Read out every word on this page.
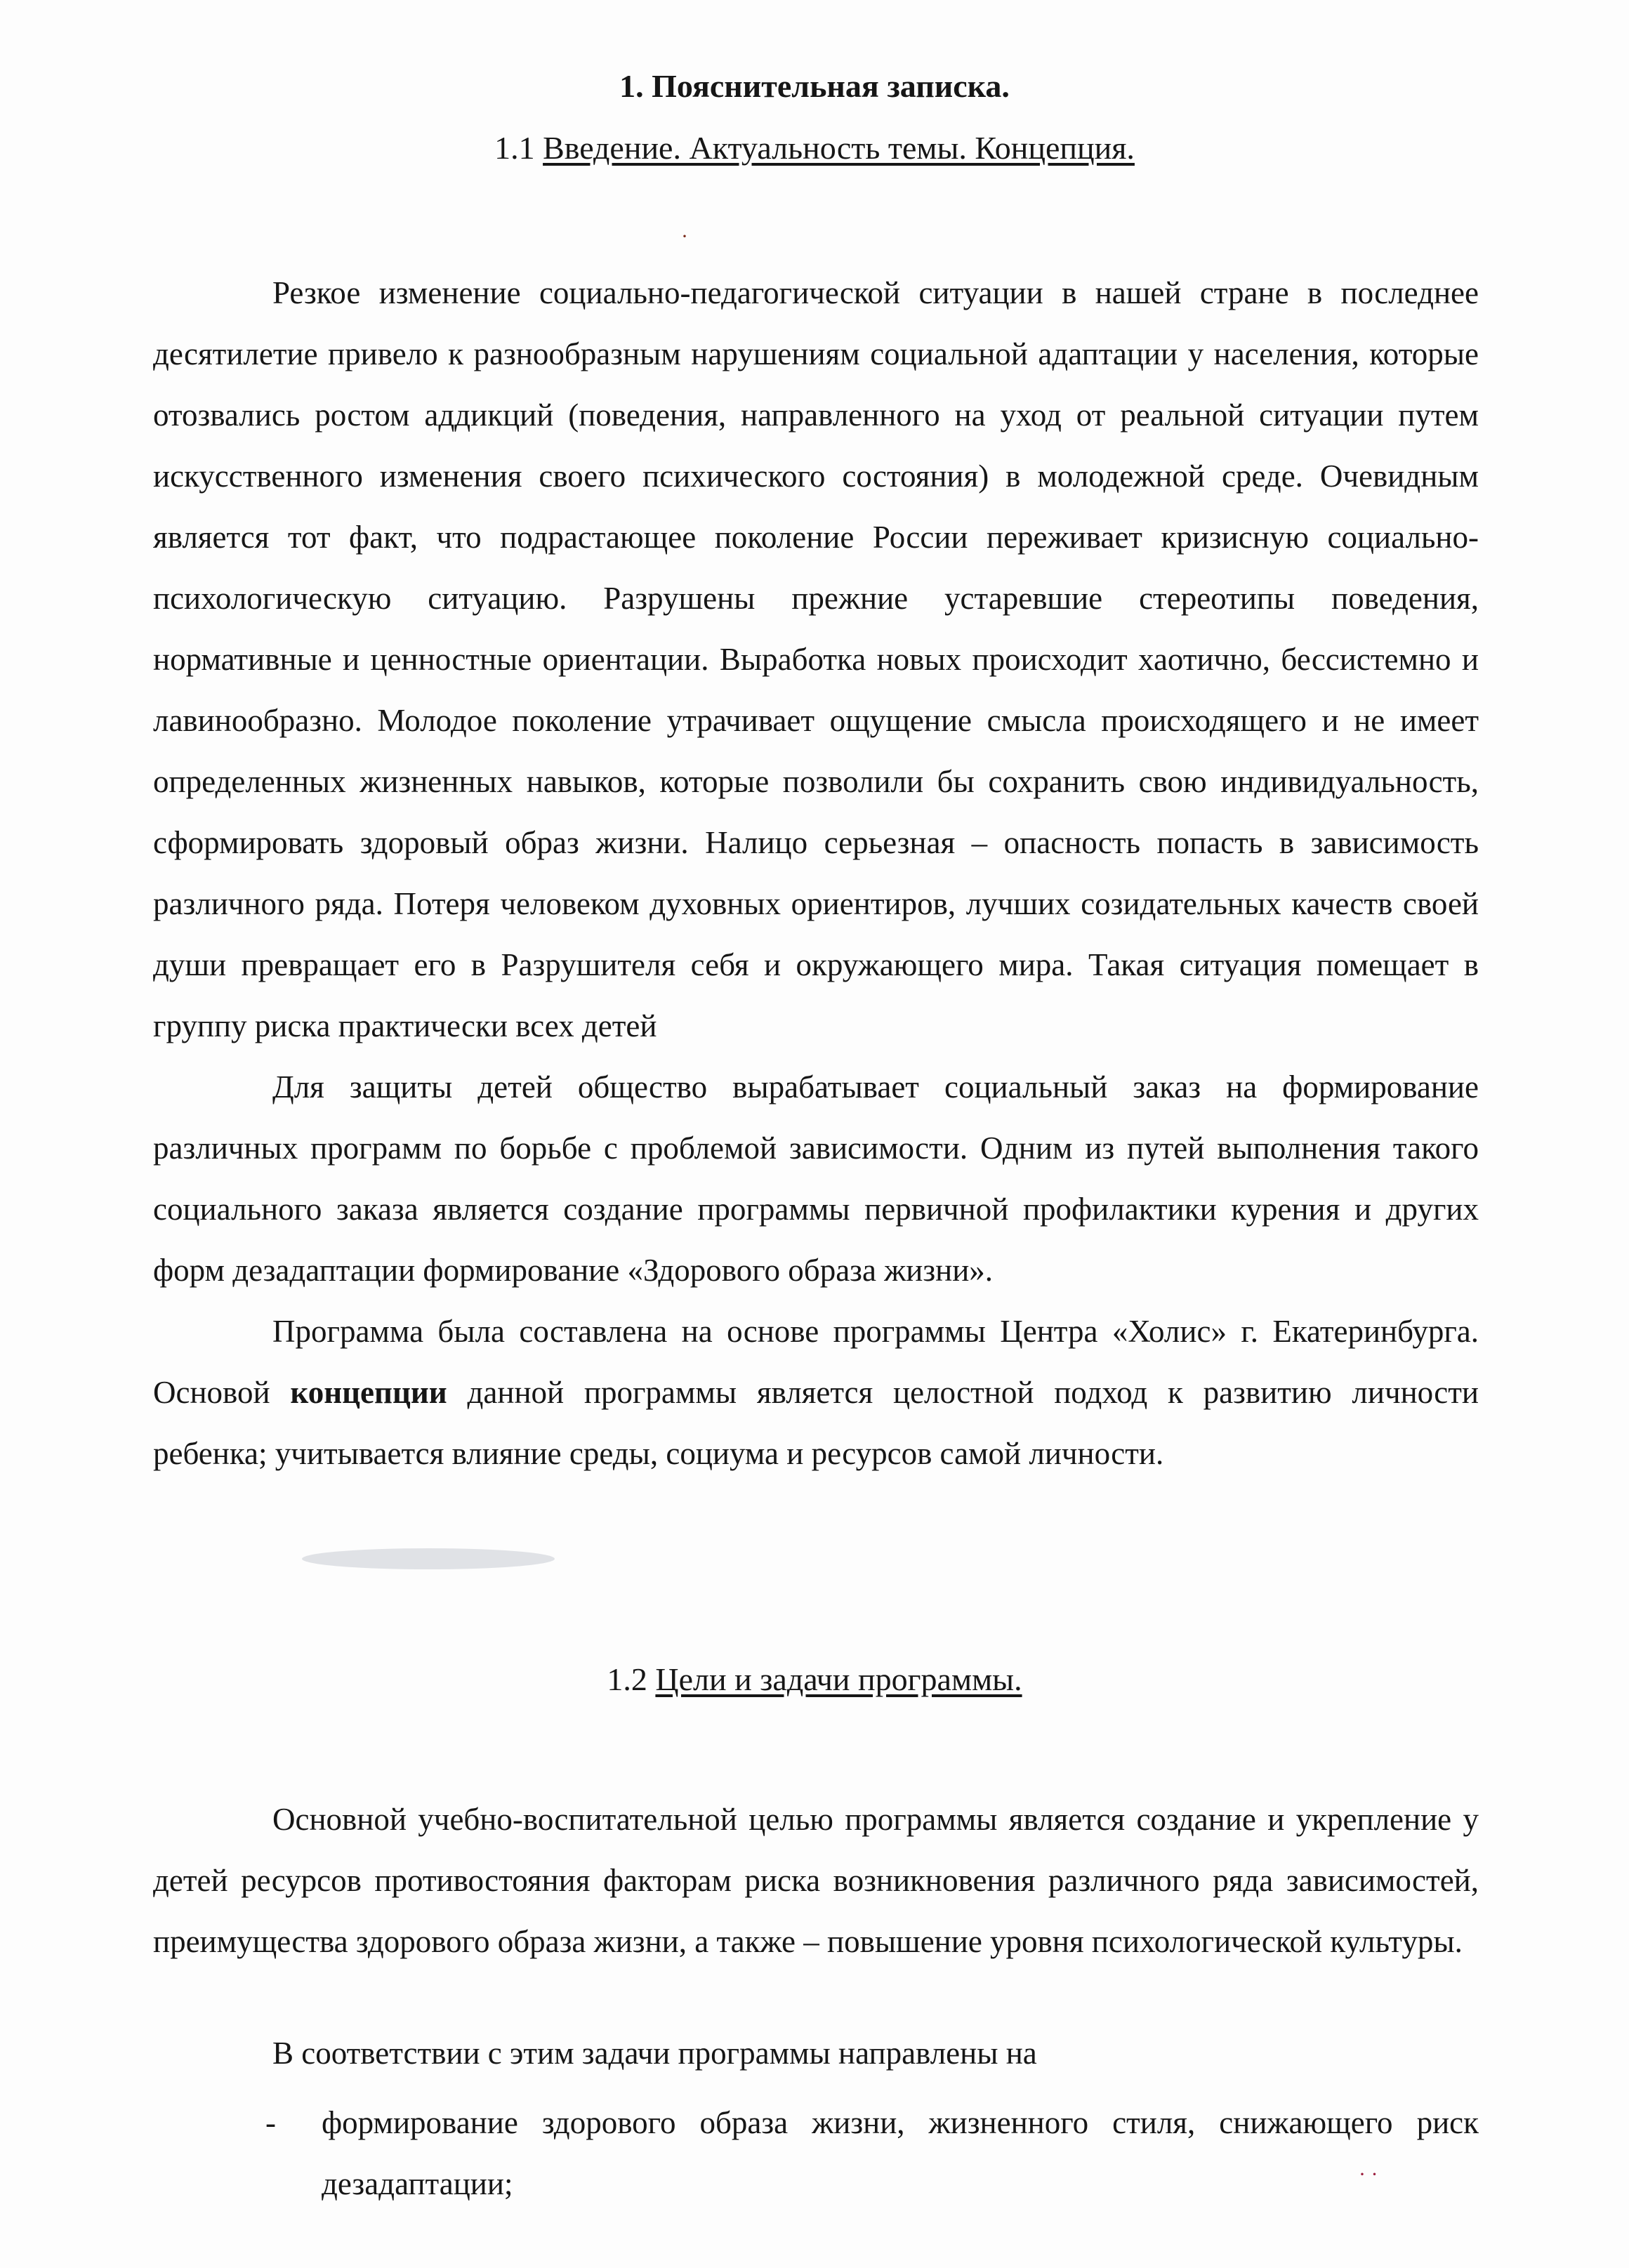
1. Пояснительная записка.
1.1 Введение. Актуальность темы. Концепция.

Резкое изменение социально-педагогической ситуации в нашей стране в последнее десятилетие привело к разнообразным нарушениям социальной адаптации у населения, которые отозвались ростом аддикций (поведения, направленного на уход от реальной ситуации путем искусственного изменения своего психического состояния) в молодежной среде. Очевидным является тот факт, что подрастающее поколение России переживает кризисную социально-психологическую ситуацию. Разрушены прежние устаревшие стереотипы поведения, нормативные и ценностные ориентации. Выработка новых происходит хаотично, бессистемно и лавинообразно. Молодое поколение утрачивает ощущение смысла происходящего и не имеет определенных жизненных навыков, которые позволили бы сохранить свою индивидуальность, сформировать здоровый образ жизни. Налицо серьезная – опасность попасть в зависимость различного ряда. Потеря человеком духовных ориентиров, лучших созидательных качеств своей души превращает его в Разрушителя себя и окружающего мира. Такая ситуация помещает в группу риска практически всех детей

Для защиты детей общество вырабатывает социальный заказ на формирование различных программ по борьбе с проблемой зависимости. Одним из путей выполнения такого социального заказа является создание программы первичной профилактики курения и других форм дезадаптации формирование «Здорового образа жизни».

Программа была составлена на основе программы Центра «Холис» г. Екатеринбурга. Основой концепции данной программы является целостной подход к развитию личности ребенка; учитывается влияние среды, социума и ресурсов самой личности.

1.2 Цели и задачи программы.

Основной учебно-воспитательной целью программы является создание и укрепление у детей ресурсов противостояния факторам риска возникновения различного ряда зависимостей, преимущества здорового образа жизни, а также – повышение уровня психологической культуры.

В соответствии с этим задачи программы направлены на

- формирование здорового образа жизни, жизненного стиля, снижающего риск дезадаптации;
·
· ·
